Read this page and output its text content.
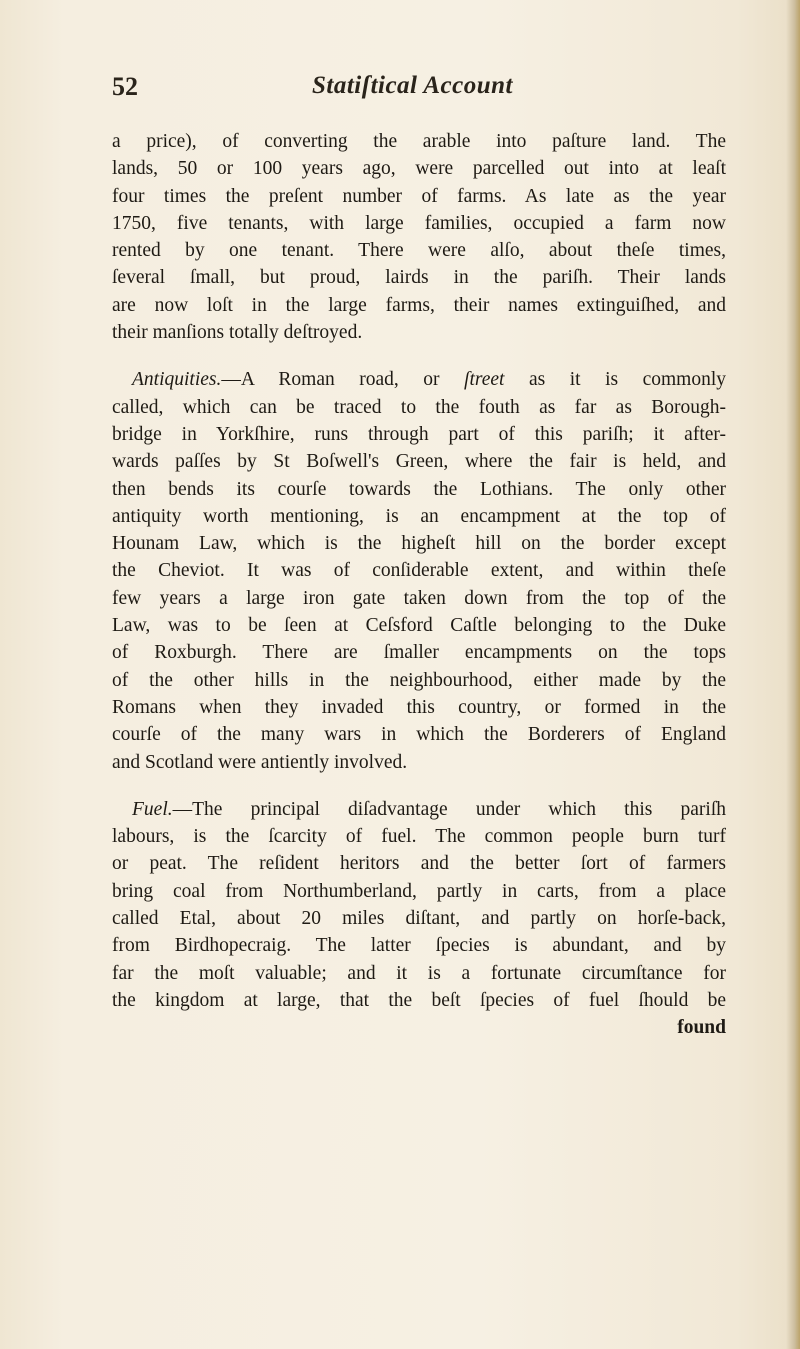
52	Statiſtical Account
a price), of converting the arable into paſture land. The
lands, 50 or 100 years ago, were parcelled out into at leaſt
four times the preſent number of farms. As late as the year
1750, five tenants, with large families, occupied a farm now
rented by one tenant. There were alſo, about theſe times,
ſeveral ſmall, but proud, lairds in the pariſh. Their lands
are now loſt in the large farms, their names extinguiſhed, and
their manſions totally deſtroyed.
Antiquities.—A Roman road, or ſtreet as it is commonly
called, which can be traced to the fouth as far as Borough-
bridge in Yorkſhire, runs through part of this pariſh; it after-
wards paſſes by St Boſwell's Green, where the fair is held, and
then bends its courſe towards the Lothians. The only other
antiquity worth mentioning, is an encampment at the top of
Hounam Law, which is the higheſt hill on the border except
the Cheviot. It was of conſiderable extent, and within theſe
few years a large iron gate taken down from the top of the
Law, was to be ſeen at Ceſsford Caſtle belonging to the Duke
of Roxburgh. There are ſmaller encampments on the tops
of the other hills in the neighbourhood, either made by the
Romans when they invaded this country, or formed in the
courſe of the many wars in which the Borderers of England
and Scotland were antiently involved.
Fuel.—The principal diſadvantage under which this pariſh
labours, is the ſcarcity of fuel. The common people burn turf
or peat. The reſident heritors and the better ſort of farmers
bring coal from Northumberland, partly in carts, from a place
called Etal, about 20 miles diſtant, and partly on horſe-back,
from Birdhopecraig. The latter ſpecies is abundant, and by
far the moſt valuable; and it is a fortunate circumſtance for
the kingdom at large, that the beſt ſpecies of fuel ſhould be
found
